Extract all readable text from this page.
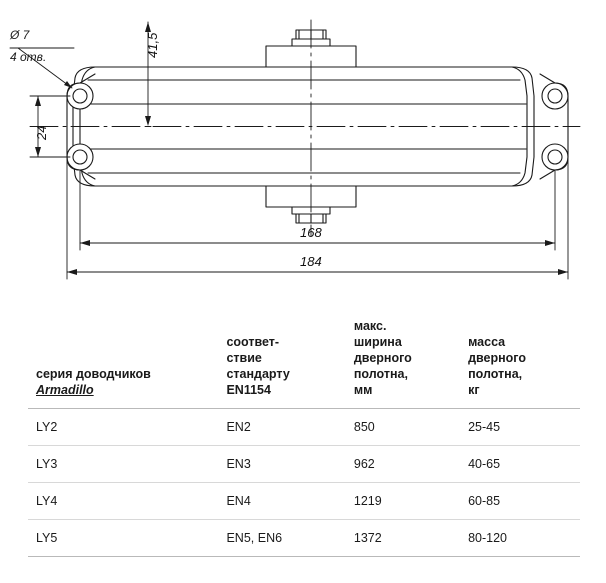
Ø 7
4 отв.	41,5
24
168
184
серия доводчиков
Armadillo

соответ-
ствие
стандарту
EN1154

макс.
ширина
дверного
полотна,
мм

масса
дверного
полотна,
кг

LY2	EN2	850	25-45
LY3	EN3	962	40-65
LY4	EN4	1219	60-85
LY5	EN5, EN6	1372	80-120
